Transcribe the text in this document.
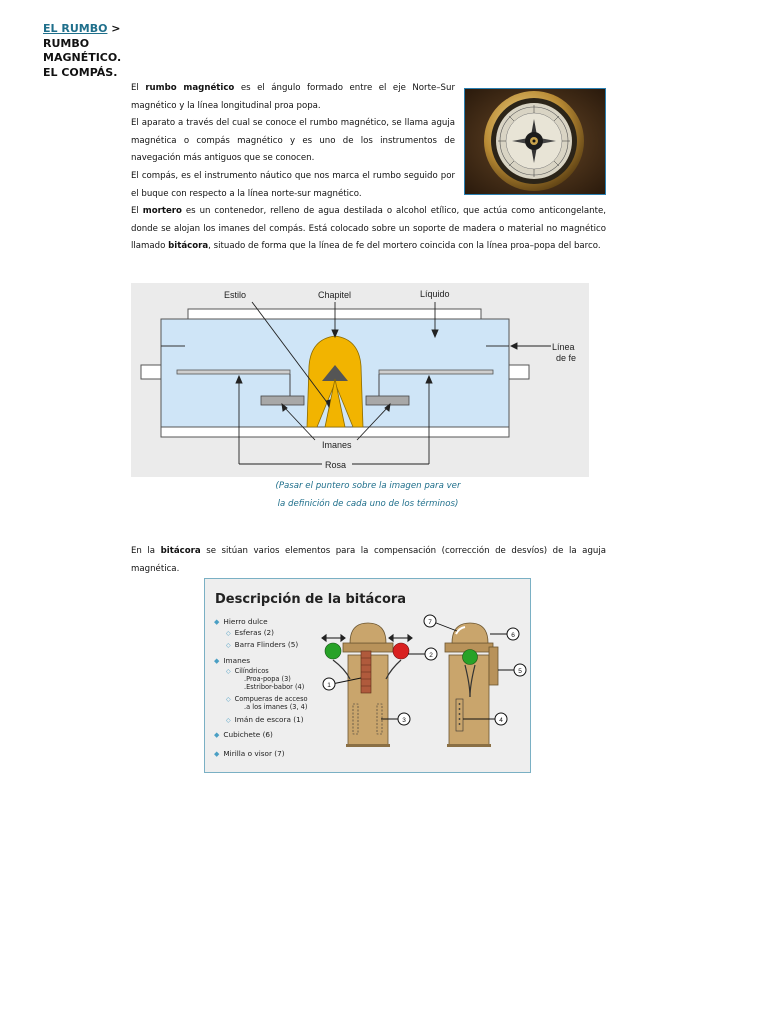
EL RUMBO >
RUMBO
MAGNÉTICO.
EL COMPÁS.

El rumbo magnético es el ángulo formado entre el eje Norte–Sur magnético y la línea longitudinal proa popa.

El aparato a través del cual se conoce el rumbo magnético, se llama aguja magnética o compás magnético y es uno de los instrumentos de navegación más antiguos que se conocen.

El compás, es el instrumento náutico que nos marca el rumbo seguido por el buque con respecto a la línea norte-sur magnético.

El mortero es un contenedor, relleno de agua destilada o alcohol etílico, que actúa como anticongelante, donde se alojan los imanes del compás. Está colocado sobre un soporte de madera o material no magnético llamado bitácora, situado de forma que la línea de fe del mortero coincida con la línea proa–popa del barco.

Estilo	Chapitel	Líquido
Línea
de fe
Imanes
Rosa
(Pasar el puntero sobre la imagen para ver
la definición de cada uno de los términos)

En la bitácora se sitúan varios elementos para la compensación (corrección de desvíos) de la aguja magnética.

Descripción de la bitácora
◆ Hierro dulce
◇ Esferas (2)
◇ Barra Flinders (5)
◆ Imanes
◇ Cilíndricos
.Proa-popa (3)
.Estribor-babor (4)
◇ Compueras de acceso
.a los imanes (3, 4)
◇ Imán de escora (1)
◆ Cubichete (6)
◆ Mirilla o visor (7)
1
2
3	4
5
6
7
